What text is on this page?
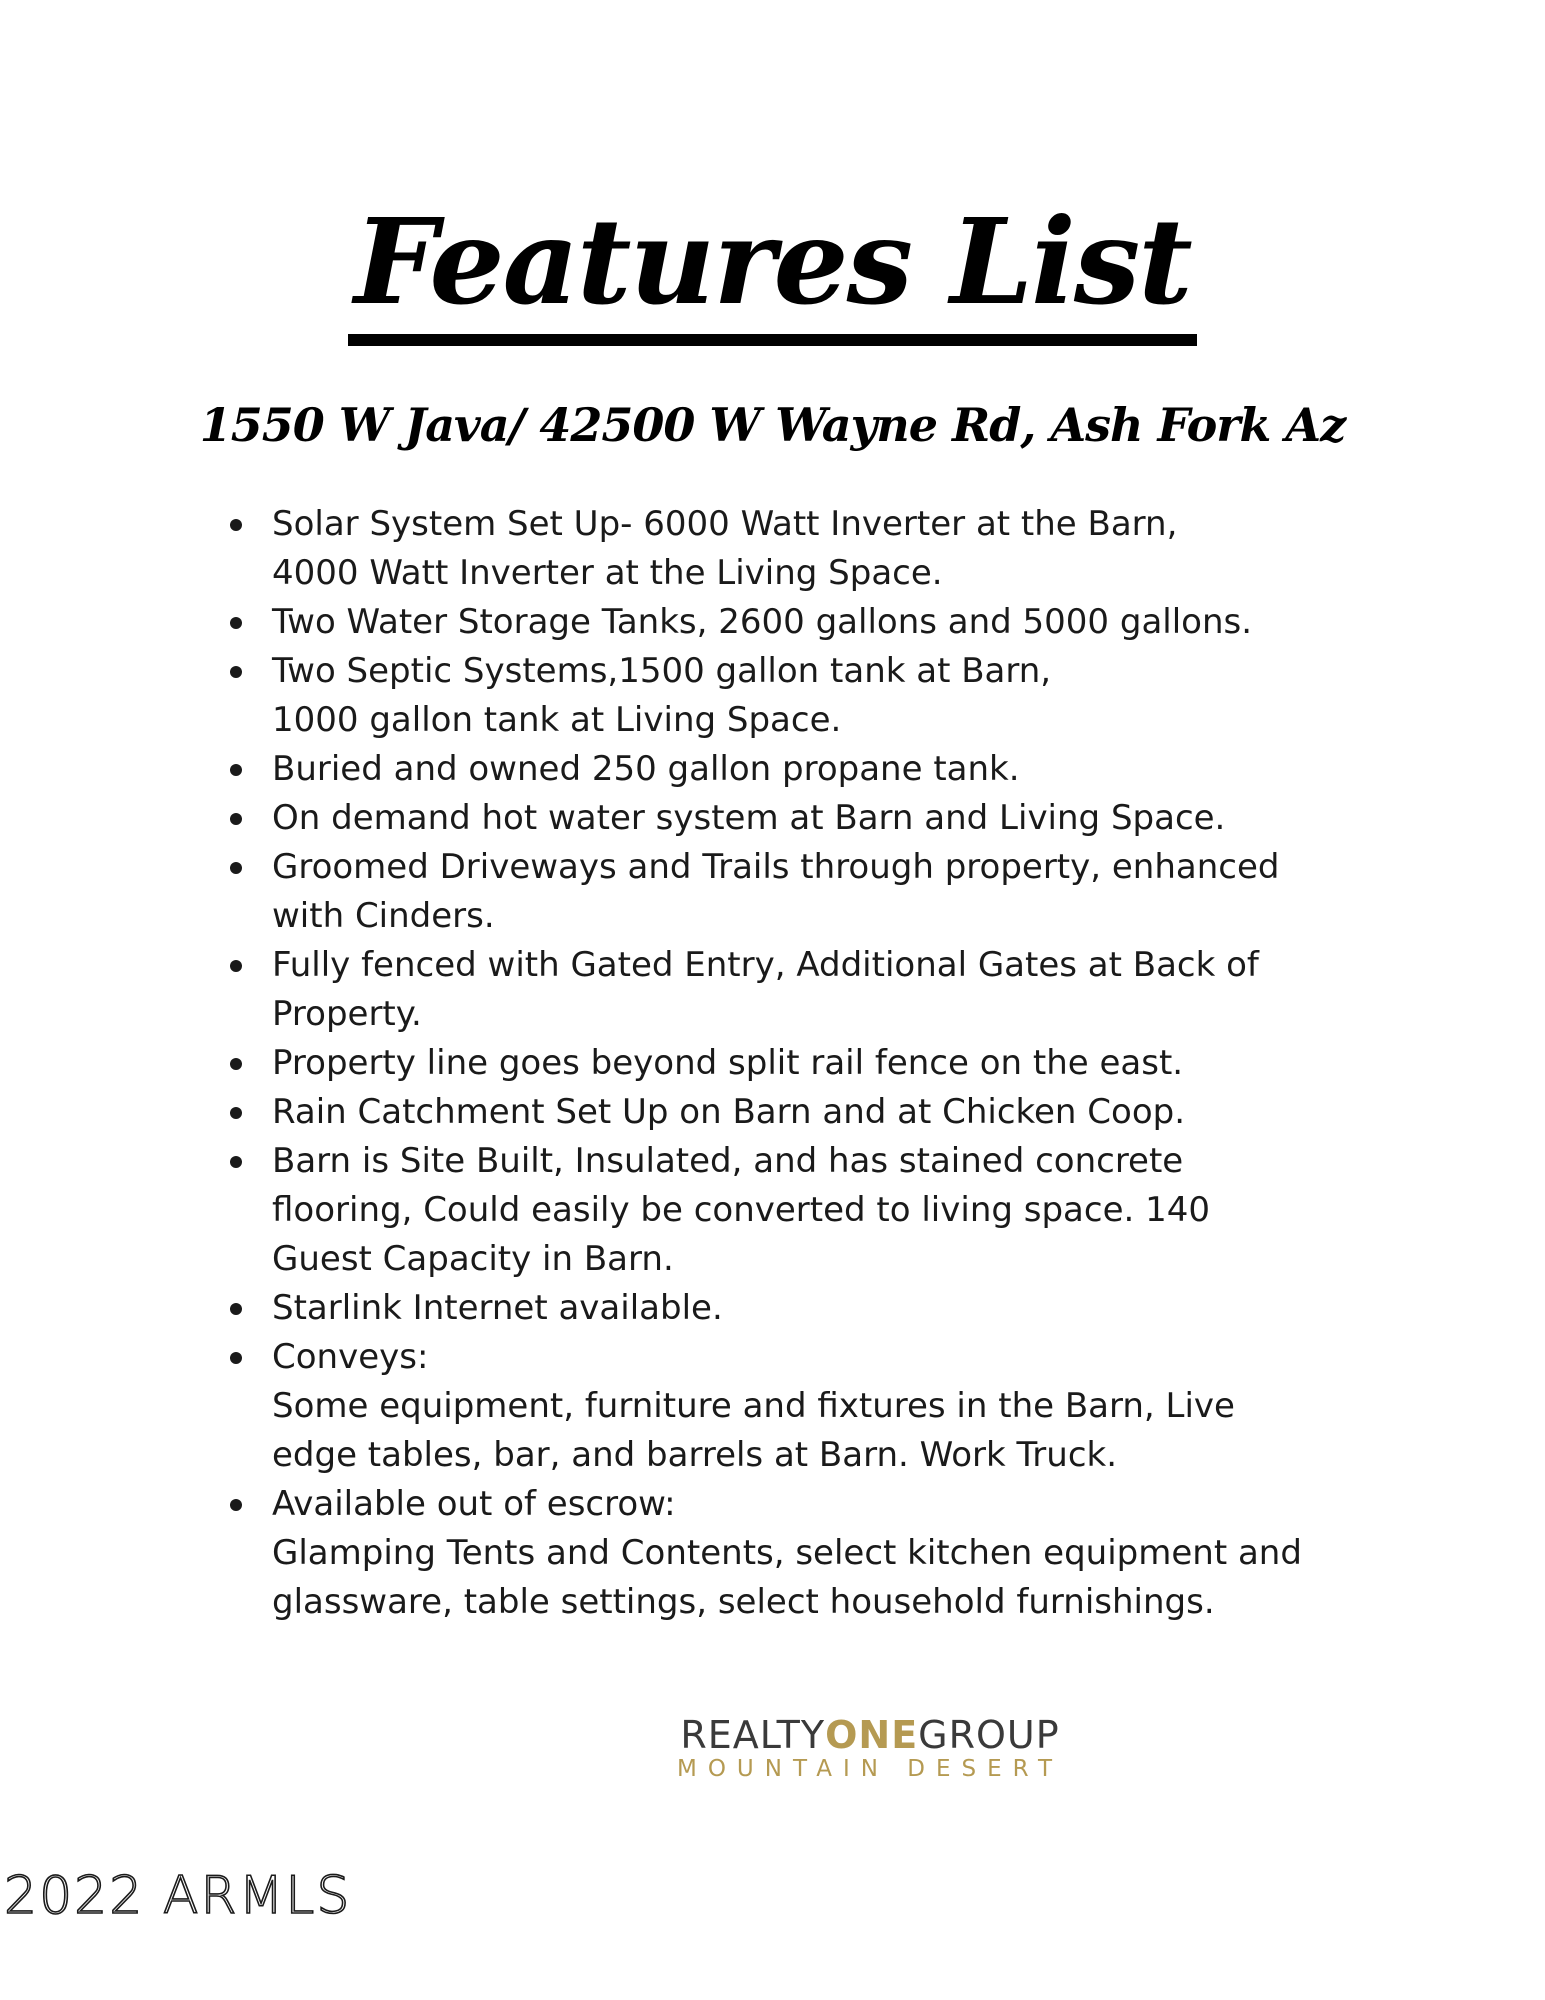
Features List
1550 W Java/ 42500 W Wayne Rd, Ash Fork Az
Solar System Set Up- 6000 Watt Inverter at the Barn,
4000 Watt Inverter at the Living Space.
Two Water Storage Tanks, 2600 gallons and 5000 gallons.
Two Septic Systems,1500 gallon tank at Barn,
1000 gallon tank at Living Space.
Buried and owned 250 gallon propane tank.
On demand hot water system at Barn and Living Space.
Groomed Driveways and Trails through property, enhanced
with Cinders.
Fully fenced with Gated Entry, Additional Gates at Back of
Property.
Property line goes beyond split rail fence on the east.
Rain Catchment Set Up on Barn and at Chicken Coop.
Barn is Site Built, Insulated, and has stained concrete
flooring, Could easily be converted to living space. 140
Guest Capacity in Barn.
Starlink Internet available.
Conveys:
Some equipment, furniture and fixtures in the Barn, Live
edge tables, bar, and barrels at Barn. Work Truck.
Available out of escrow:
Glamping Tents and Contents, select kitchen equipment and
glassware, table settings, select household furnishings.
REALTYONEGROUP
MOUNTAIN DESERT
2022 ARMLS
